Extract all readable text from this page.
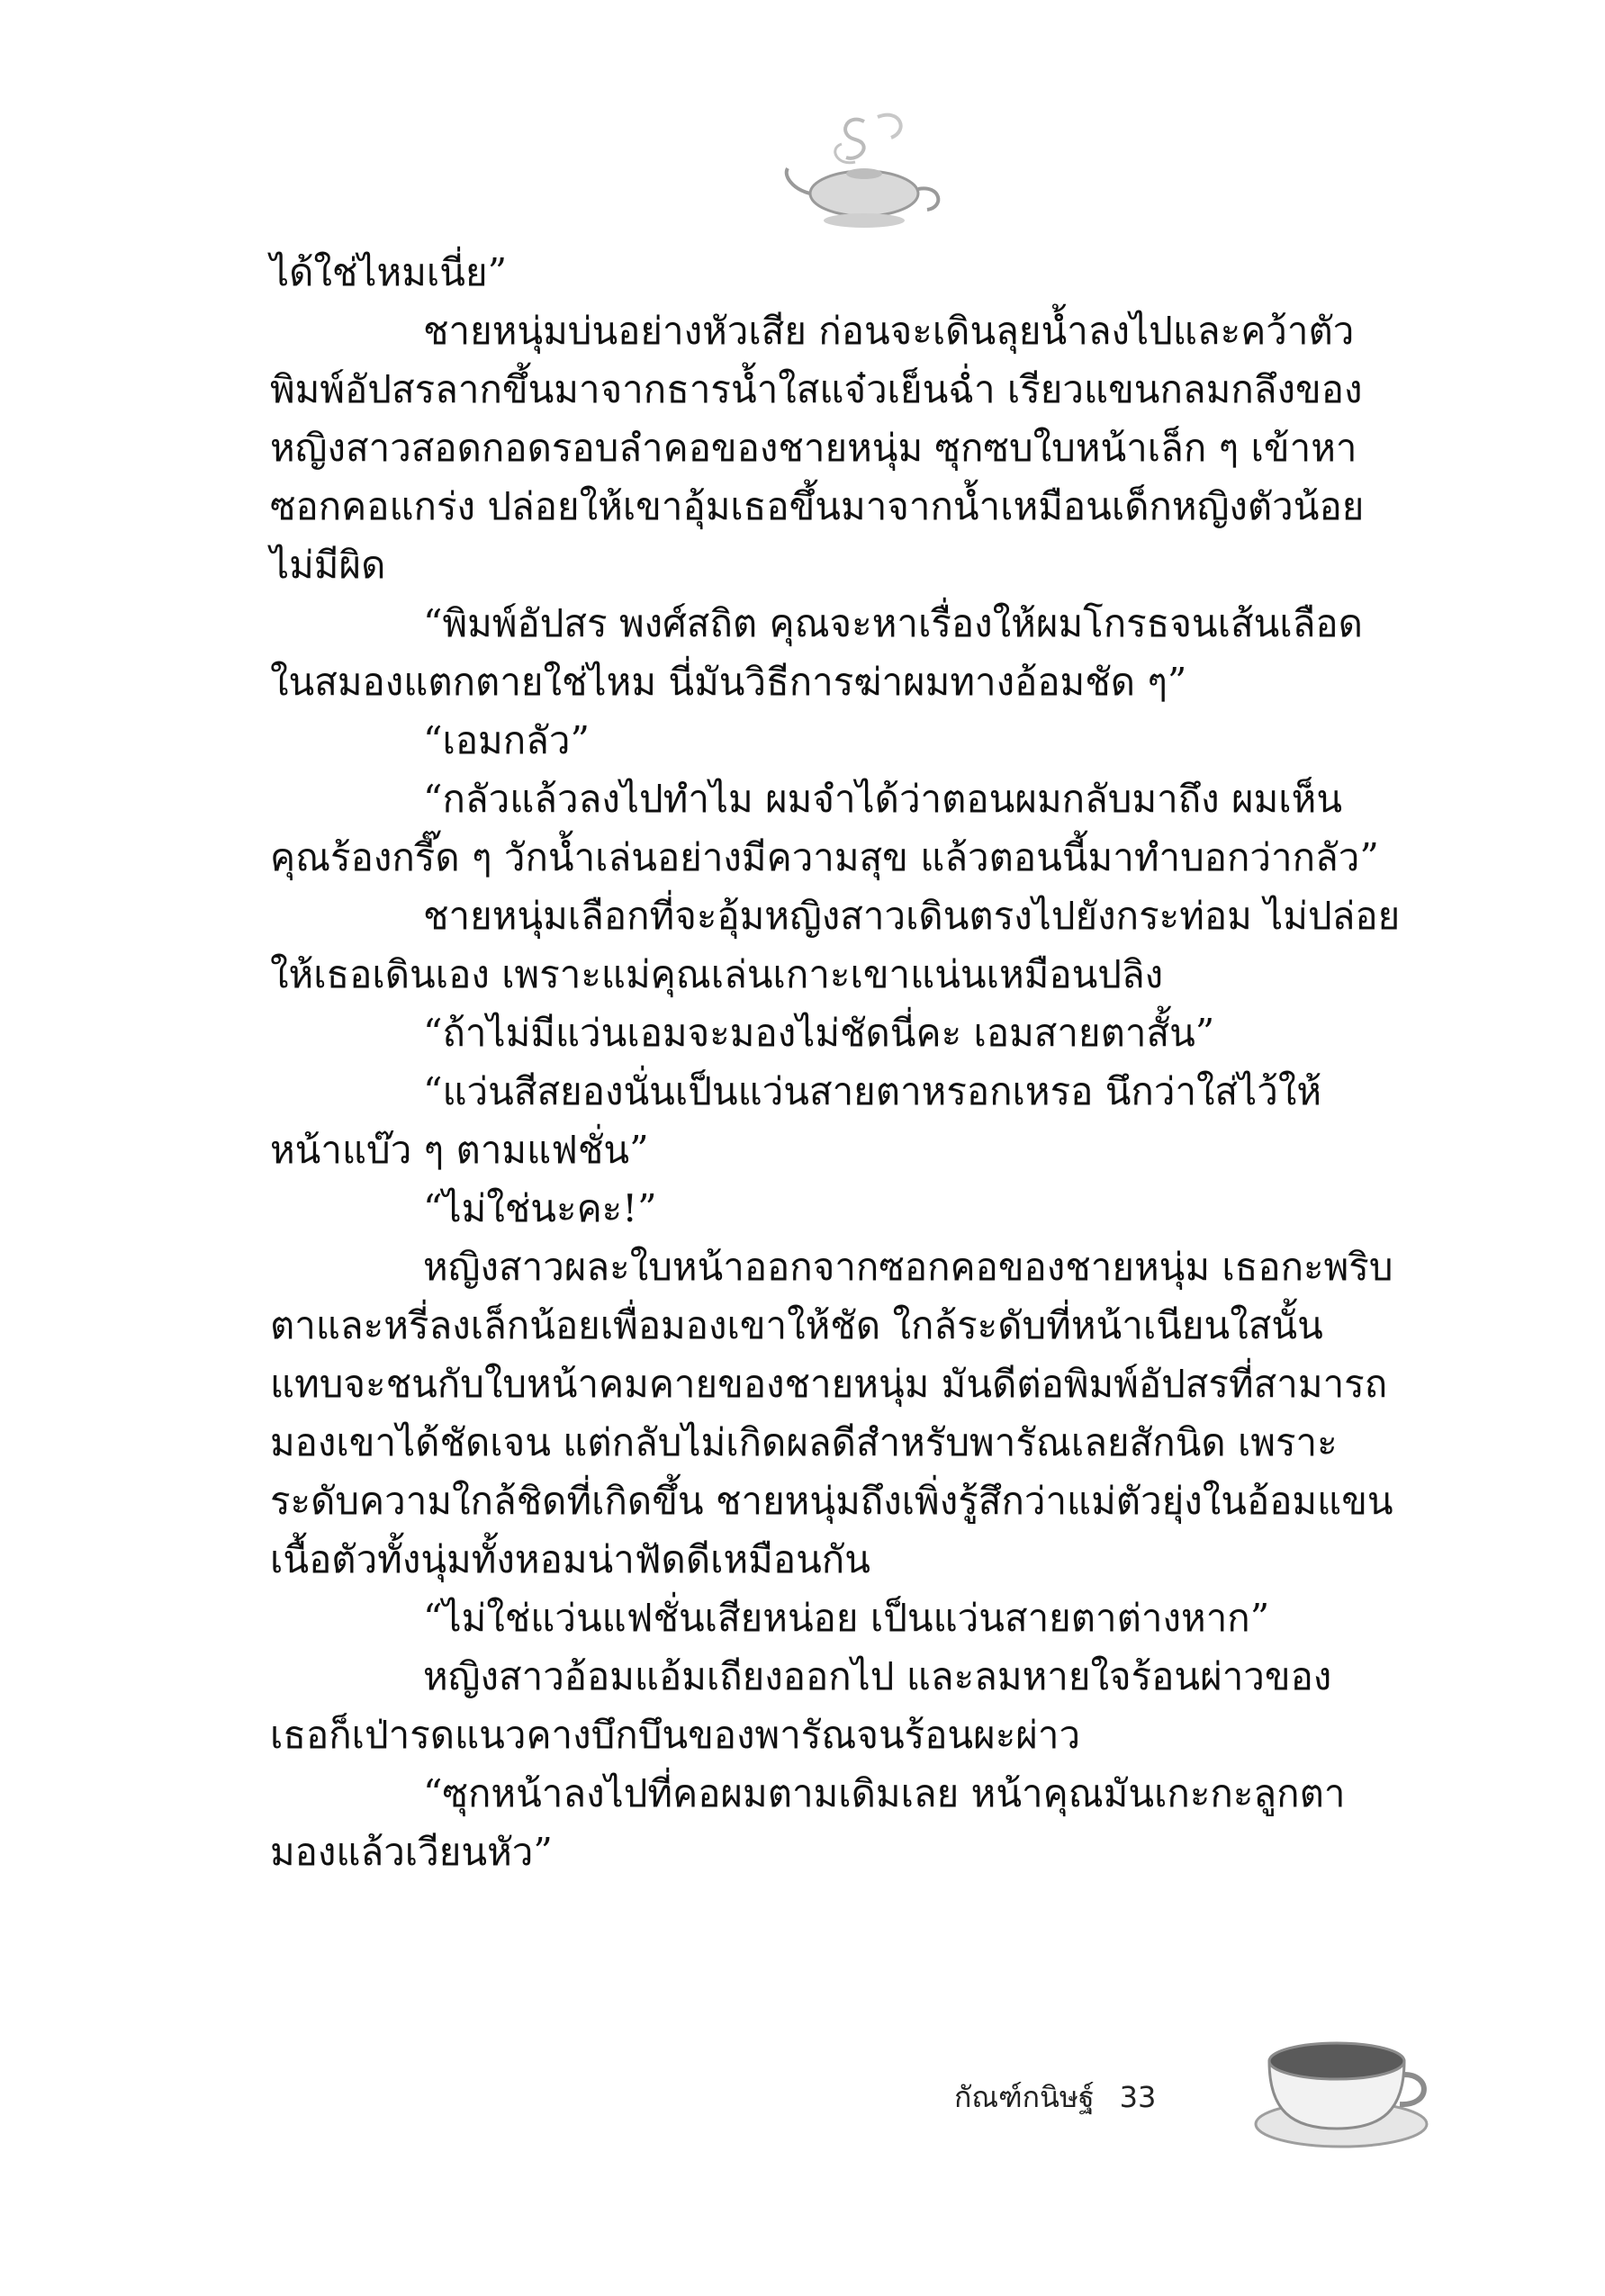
ได้ใช่ไหมเนี่ย”
ชายหนุ่มบ่นอย่างหัวเสีย ก่อนจะเดินลุยน้ำลงไปและคว้าตัว
พิมพ์อัปสรลากขึ้นมาจากธารน้ำใสแจ๋วเย็นฉ่ำ เรียวแขนกลมกลึงของ
หญิงสาวสอดกอดรอบลำคอของชายหนุ่ม ซุกซบใบหน้าเล็ก ๆ เข้าหา
ซอกคอแกร่ง ปล่อยให้เขาอุ้มเธอขึ้นมาจากน้ำเหมือนเด็กหญิงตัวน้อย
ไม่มีผิด
“พิมพ์อัปสร พงศ์สถิต คุณจะหาเรื่องให้ผมโกรธจนเส้นเลือด
ในสมองแตกตายใช่ไหม นี่มันวิธีการฆ่าผมทางอ้อมชัด ๆ”
“เอมกลัว”
“กลัวแล้วลงไปทำไม ผมจำได้ว่าตอนผมกลับมาถึง ผมเห็น
คุณร้องกรี๊ด ๆ วักน้ำเล่นอย่างมีความสุข แล้วตอนนี้มาทำบอกว่ากลัว”
ชายหนุ่มเลือกที่จะอุ้มหญิงสาวเดินตรงไปยังกระท่อม ไม่ปล่อย
ให้เธอเดินเอง เพราะแม่คุณเล่นเกาะเขาแน่นเหมือนปลิง
“ถ้าไม่มีแว่นเอมจะมองไม่ชัดนี่คะ เอมสายตาสั้น”
“แว่นสีสยองนั่นเป็นแว่นสายตาหรอกเหรอ นึกว่าใส่ไว้ให้
หน้าแบ๊ว ๆ ตามแฟชั่น”
“ไม่ใช่นะคะ!”
หญิงสาวผละใบหน้าออกจากซอกคอของชายหนุ่ม เธอกะพริบ
ตาและหรี่ลงเล็กน้อยเพื่อมองเขาให้ชัด ใกล้ระดับที่หน้าเนียนใสนั้น
แทบจะชนกับใบหน้าคมคายของชายหนุ่ม มันดีต่อพิมพ์อัปสรที่สามารถ
มองเขาได้ชัดเจน แต่กลับไม่เกิดผลดีสำหรับพารัณเลยสักนิด เพราะ
ระดับความใกล้ชิดที่เกิดขึ้น ชายหนุ่มถึงเพิ่งรู้สึกว่าแม่ตัวยุ่งในอ้อมแขน
เนื้อตัวทั้งนุ่มทั้งหอมน่าฟัดดีเหมือนกัน
“ไม่ใช่แว่นแฟชั่นเสียหน่อย เป็นแว่นสายตาต่างหาก”
หญิงสาวอ้อมแอ้มเถียงออกไป และลมหายใจร้อนผ่าวของ
เธอก็เป่ารดแนวคางบึกบึนของพารัณจนร้อนผะผ่าว
“ซุกหน้าลงไปที่คอผมตามเดิมเลย หน้าคุณมันเกะกะลูกตา
มองแล้วเวียนหัว”
กัณฑ์กนิษฐ์ 33
